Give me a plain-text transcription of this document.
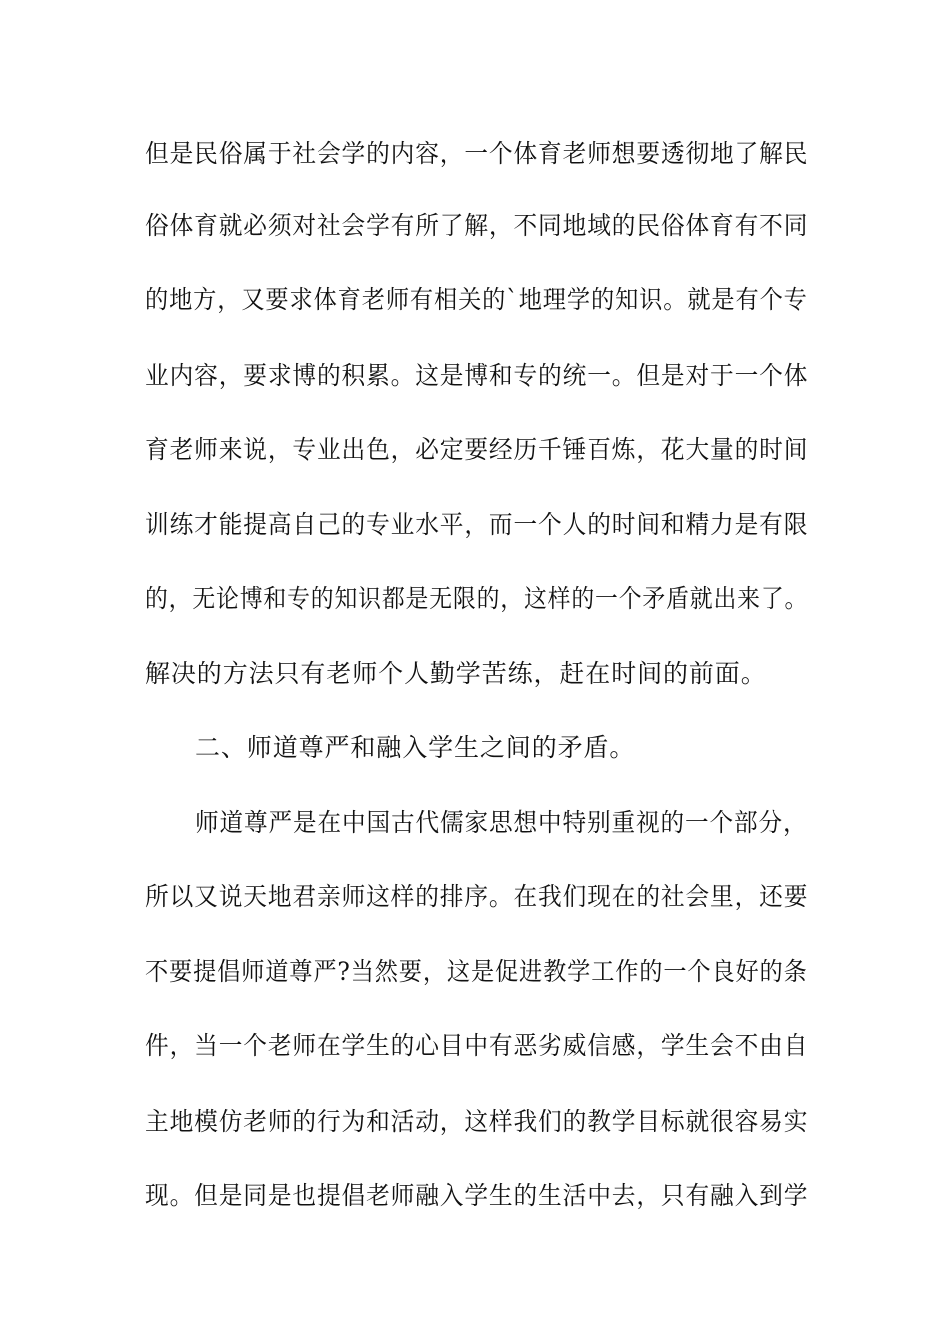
但是民俗属于社会学的内容，一个体育老师想要透彻地了解民
俗体育就必须对社会学有所了解，不同地域的民俗体育有不同
的地方，又要求体育老师有相关的`地理学的知识。就是有个专
业内容，要求博的积累。这是博和专的统一。但是对于一个体
育老师来说，专业出色，必定要经历千锤百炼，花大量的时间
训练才能提高自己的专业水平，而一个人的时间和精力是有限
的，无论博和专的知识都是无限的，这样的一个矛盾就出来了。
解决的方法只有老师个人勤学苦练，赶在时间的前面。
二、师道尊严和融入学生之间的矛盾。
师道尊严是在中国古代儒家思想中特别重视的一个部分，
所以又说天地君亲师这样的排序。在我们现在的社会里，还要
不要提倡师道尊严?当然要，这是促进教学工作的一个良好的条
件，当一个老师在学生的心目中有恶劣威信感，学生会不由自
主地模仿老师的行为和活动，这样我们的教学目标就很容易实
现。但是同是也提倡老师融入学生的生活中去，只有融入到学
